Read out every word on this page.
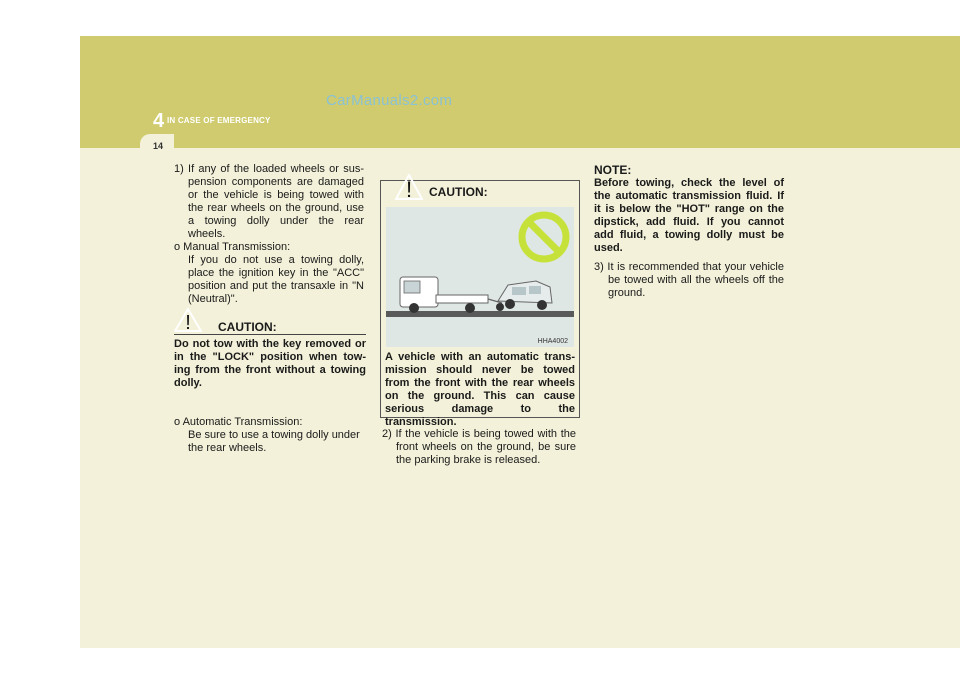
CarManuals2.com
4 IN CASE OF EMERGENCY
14

1) If any of the loaded wheels or sus- pension components are damaged or the vehicle is being towed with the rear wheels on the ground, use a towing dolly under the rear wheels.

o Manual Transmission:

If you do not use a towing dolly, place the ignition key in the "ACC" position and put the transaxle in "N (Neutral)".

! CAUTION:

Do not tow with the key removed or in the "LOCK" position when tow- ing from the front without a towing dolly.

o Automatic Transmission:

Be sure to use a towing dolly under the rear wheels.

! CAUTION:
HHA4002

A vehicle with an automatic trans- mission should never be towed from the front with the rear wheels on the ground. This can cause serious damage to the transmission.

2) If the vehicle is being towed with the front wheels on the ground, be sure the parking brake is released.

NOTE:

Before towing, check the level of the automatic transmission fluid. If it is below the "HOT" range on the dipstick, add fluid. If you cannot add fluid, a towing dolly must be used.

3) It is recommended that your vehicle be towed with all the wheels off the ground.
